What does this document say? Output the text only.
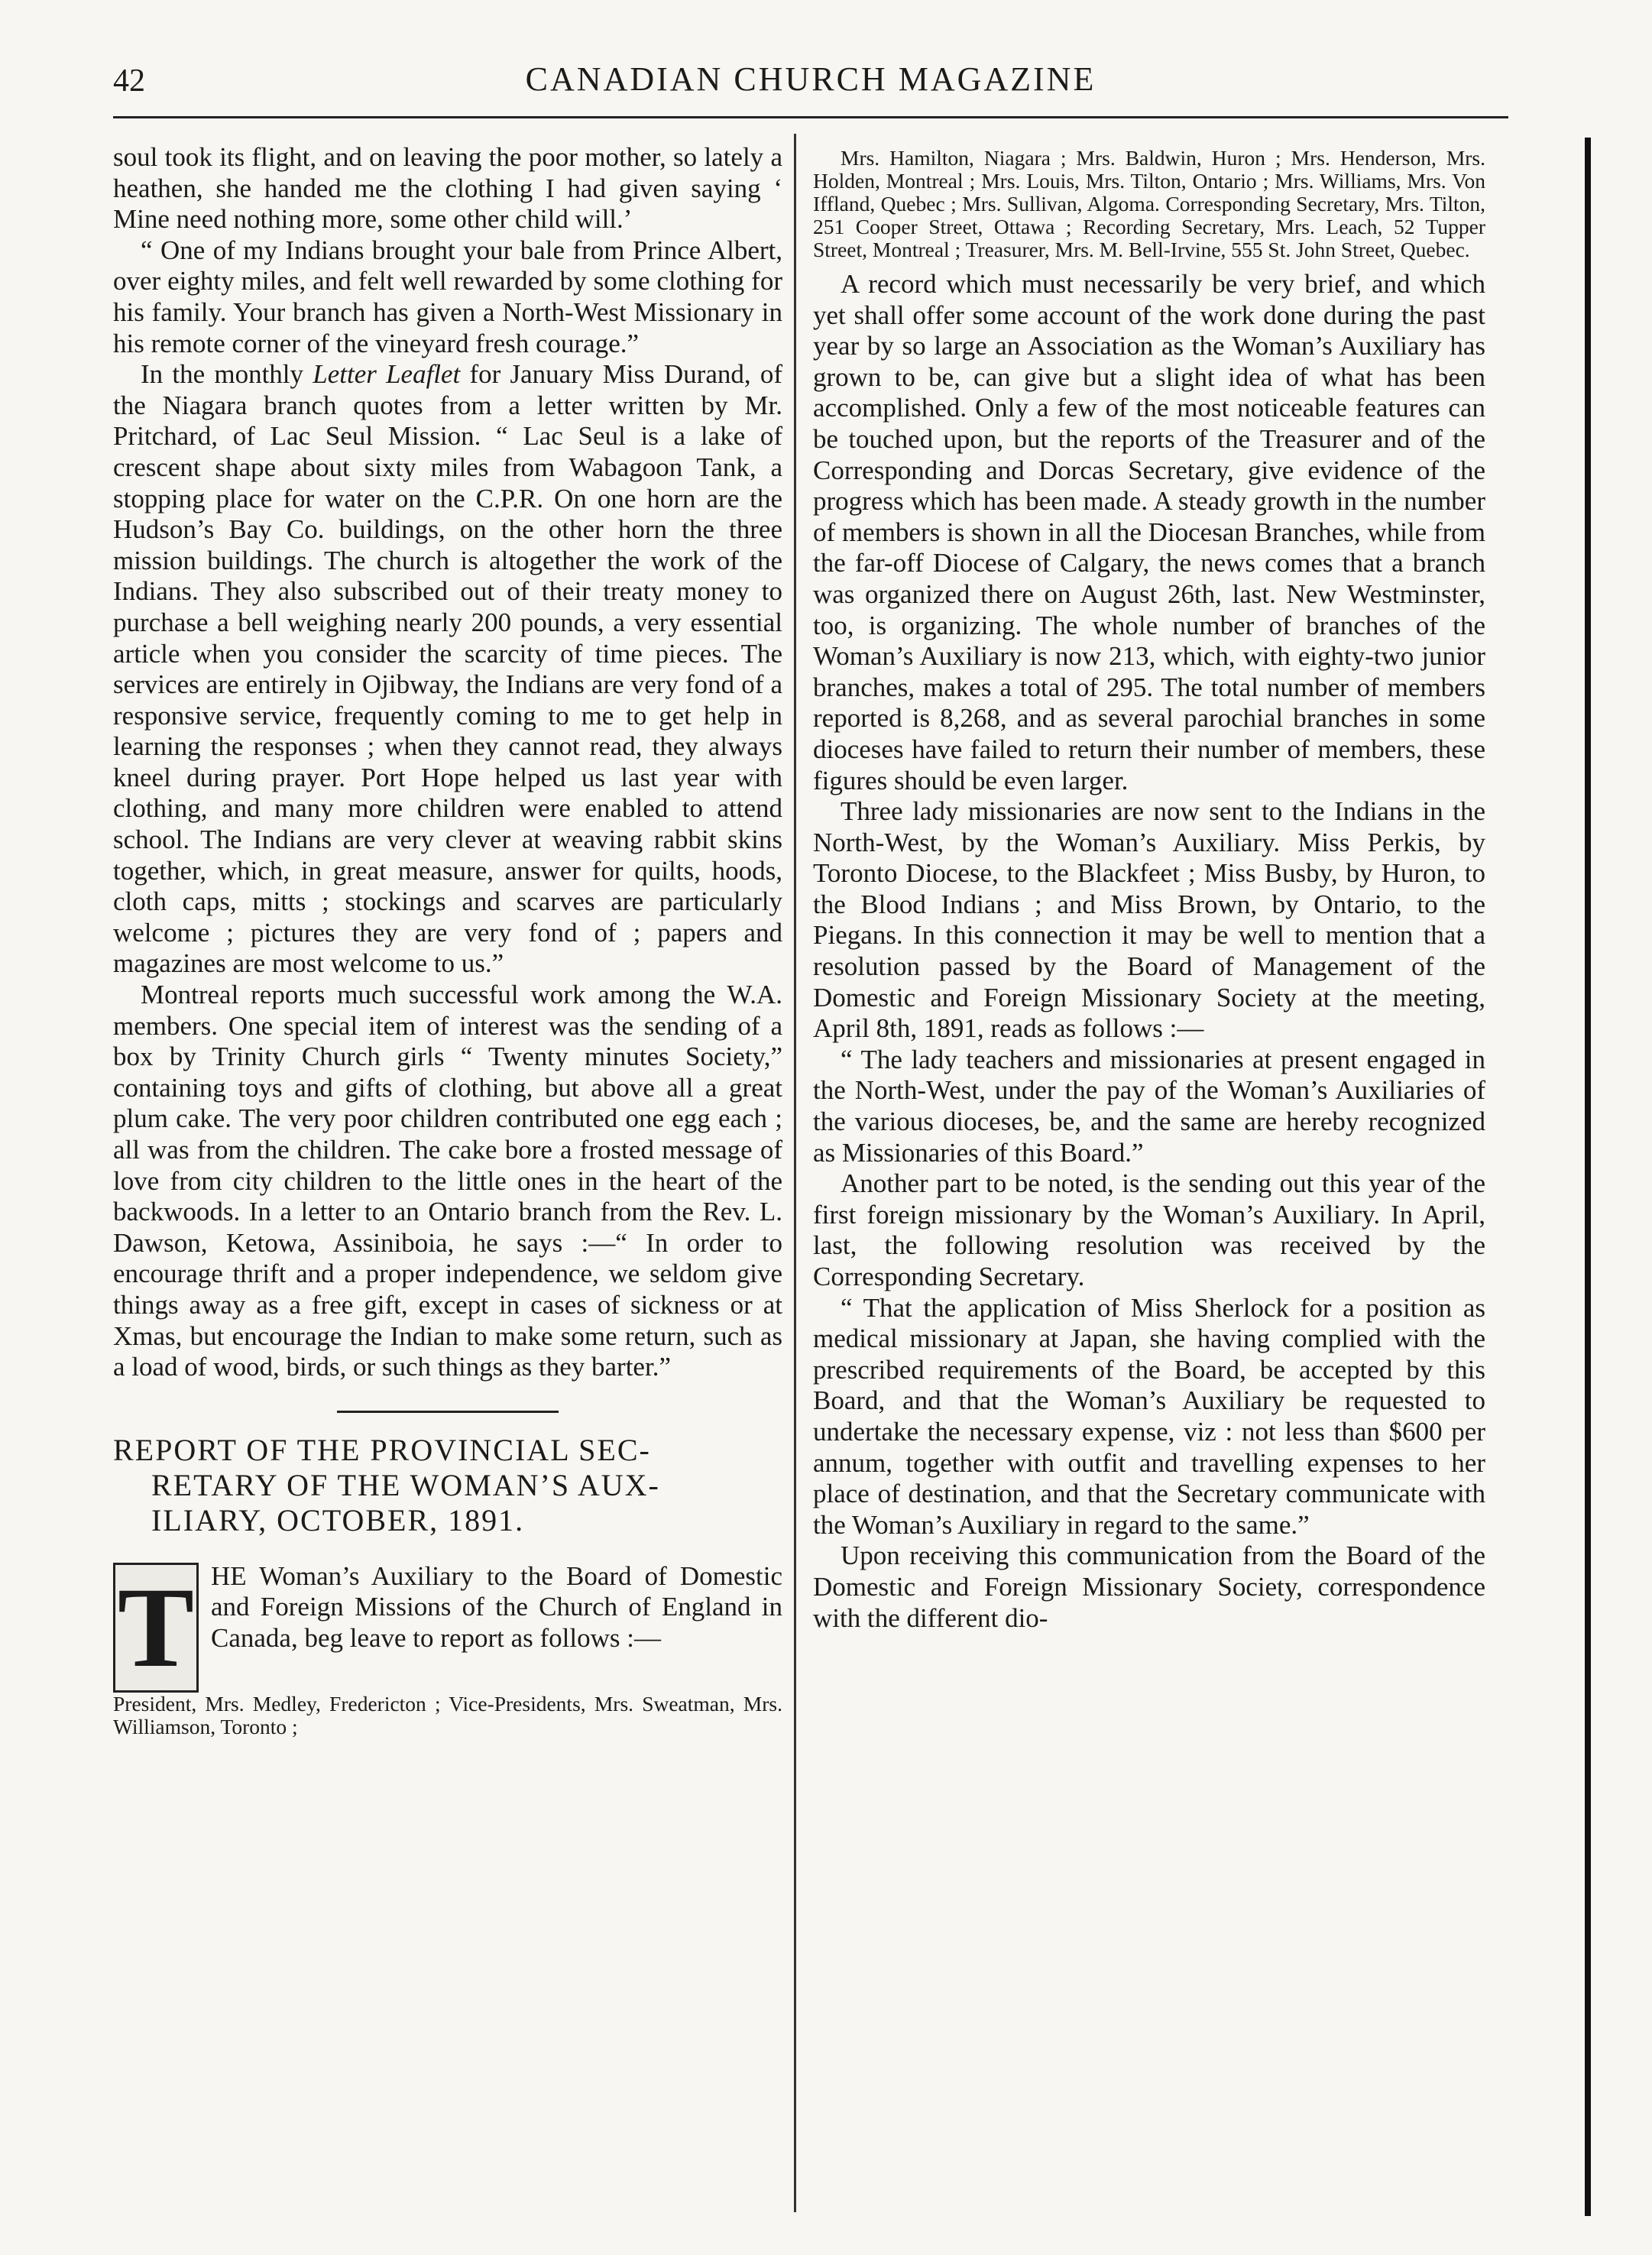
42	CANADIAN CHURCH MAGAZINE

soul took its flight, and on leaving the poor mother, so lately a heathen, she handed me the clothing I had given saying ‘ Mine need nothing more, some other child will.’

“ One of my Indians brought your bale from Prince Albert, over eighty miles, and felt well rewarded by some clothing for his family. Your branch has given a North-West Missionary in his remote corner of the vineyard fresh courage.”

In the monthly Letter Leaflet for January Miss Durand, of the Niagara branch quotes from a letter written by Mr. Pritchard, of Lac Seul Mission. “ Lac Seul is a lake of crescent shape about sixty miles from Wabagoon Tank, a stopping place for water on the C.P.R. On one horn are the Hudson’s Bay Co. buildings, on the other horn the three mission buildings. The church is altogether the work of the Indians. They also subscribed out of their treaty money to purchase a bell weighing nearly 200 pounds, a very essential article when you consider the scarcity of time pieces. The services are entirely in Ojibway, the Indians are very fond of a responsive service, frequently coming to me to get help in learning the responses ; when they cannot read, they always kneel during prayer. Port Hope helped us last year with clothing, and many more children were enabled to attend school. The Indians are very clever at weaving rabbit skins together, which, in great measure, answer for quilts, hoods, cloth caps, mitts ; stockings and scarves are particularly welcome ; pictures they are very fond of ; papers and magazines are most welcome to us.”

Montreal reports much successful work among the W.A. members. One special item of interest was the sending of a box by Trinity Church girls “ Twenty minutes Society,” containing toys and gifts of clothing, but above all a great plum cake. The very poor children contributed one egg each ; all was from the children. The cake bore a frosted message of love from city children to the little ones in the heart of the backwoods. In a letter to an Ontario branch from the Rev. L. Dawson, Ketowa, Assiniboia, he says :—“ In order to encourage thrift and a proper independence, we seldom give things away as a free gift, except in cases of sickness or at Xmas, but encourage the Indian to make some return, such as a load of wood, birds, or such things as they barter.”

REPORT OF THE PROVINCIAL SEC-
RETARY OF THE WOMAN’S AUX-
ILIARY, OCTOBER, 1891.
T HE Woman’s Auxiliary to the Board of Domestic and Foreign Missions of the Church of England in Canada, beg leave to report as follows :—

President, Mrs. Medley, Fredericton ; Vice-Presidents, Mrs. Sweatman, Mrs. Williamson, Toronto ;

Mrs. Hamilton, Niagara ; Mrs. Baldwin, Huron ; Mrs. Henderson, Mrs. Holden, Montreal ; Mrs. Louis, Mrs. Tilton, Ontario ; Mrs. Williams, Mrs. Von Iffland, Quebec ; Mrs. Sullivan, Algoma. Corresponding Secretary, Mrs. Tilton, 251 Cooper Street, Ottawa ; Recording Secretary, Mrs. Leach, 52 Tupper Street, Montreal ; Treasurer, Mrs. M. Bell-Irvine, 555 St. John Street, Quebec.

A record which must necessarily be very brief, and which yet shall offer some account of the work done during the past year by so large an Association as the Woman’s Auxiliary has grown to be, can give but a slight idea of what has been accomplished. Only a few of the most noticeable features can be touched upon, but the reports of the Treasurer and of the Corresponding and Dorcas Secretary, give evidence of the progress which has been made. A steady growth in the number of members is shown in all the Diocesan Branches, while from the far-off Diocese of Calgary, the news comes that a branch was organized there on August 26th, last. New Westminster, too, is organizing. The whole number of branches of the Woman’s Auxiliary is now 213, which, with eighty-two junior branches, makes a total of 295. The total number of members reported is 8,268, and as several parochial branches in some dioceses have failed to return their number of members, these figures should be even larger.

Three lady missionaries are now sent to the Indians in the North-West, by the Woman’s Auxiliary. Miss Perkis, by Toronto Diocese, to the Blackfeet ; Miss Busby, by Huron, to the Blood Indians ; and Miss Brown, by Ontario, to the Piegans. In this connection it may be well to mention that a resolution passed by the Board of Management of the Domestic and Foreign Missionary Society at the meeting, April 8th, 1891, reads as follows :—

“ The lady teachers and missionaries at present engaged in the North-West, under the pay of the Woman’s Auxiliaries of the various dioceses, be, and the same are hereby recognized as Missionaries of this Board.”

Another part to be noted, is the sending out this year of the first foreign missionary by the Woman’s Auxiliary. In April, last, the following resolution was received by the Corresponding Secretary.

“ That the application of Miss Sherlock for a position as medical missionary at Japan, she having complied with the prescribed requirements of the Board, be accepted by this Board, and that the Woman’s Auxiliary be requested to undertake the necessary expense, viz : not less than $600 per annum, together with outfit and travelling expenses to her place of destination, and that the Secretary communicate with the Woman’s Auxiliary in regard to the same.”

Upon receiving this communication from the Board of the Domestic and Foreign Missionary Society, correspondence with the different dio-
